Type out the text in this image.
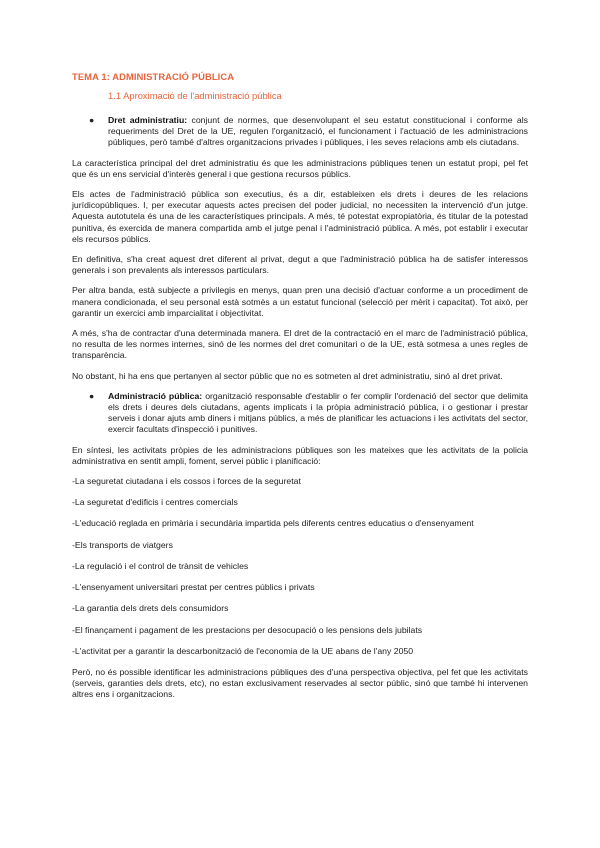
TEMA 1: ADMINISTRACIÓ PÚBLICA
1.1 Aproximació de l'administració pública
● Dret administratiu: conjunt de normes, que desenvolupant el seu estatut constitucional i conforme als requeriments del Dret de la UE, regulen l'organització, el funcionament i l'actuació de les administracions públiques, però també d'altres organitzacions privades i públiques, i les seves relacions amb els ciutadans.

La característica principal del dret administratiu és que les administracions públiques tenen un estatut propi, pel fet que és un ens servicial d'interès general i que gestiona recursos públics.

Els actes de l'administració pública son executius, és a dir, estableixen els drets i deures de les relacions jurídicopúbliques. I, per executar aquests actes precisen del poder judicial, no necessiten la intervenció d'un jutge. Aquesta autotutela és una de les característiques principals. A més, té potestat expropiatòria, és titular de la potestad punitiva, és exercida de manera compartida amb el jutge penal i l'administració pública. A més, pot establir i executar els recursos públics.

En definitiva, s'ha creat aquest dret diferent al privat, degut a que l'administració pública ha de satisfer interessos generals i son prevalents als interessos particulars.

Per altra banda, està subjecte a privilegis en menys, quan pren una decisió d'actuar conforme a un procediment de manera condicionada, el seu personal està sotmès a un estatut funcional (selecció per mèrit i capacitat). Tot això, per garantir un exercici amb imparcialitat i objectivitat.

A més, s'ha de contractar d'una determinada manera. El dret de la contractació en el marc de l'administració pública, no resulta de les normes internes, sinó de les normes del dret comunitari o de la UE, està sotmesa a unes regles de transparència.

No obstant, hi ha ens que pertanyen al sector públic que no es sotmeten al dret administratiu, sinó al dret privat.

● Administració pública: organització responsable d'establir o fer complir l'ordenació del sector que delimita els drets i deures dels ciutadans, agents implicats i la pròpia administració pública, i o gestionar i prestar serveis i donar ajuts amb diners i mitjans públics, a més de planificar les actuacions i les activitats del sector, exercir facultats d'inspecció i punitives.

En síntesi, les activitats pròpies de les administracions públiques son les mateixes que les activitats de la policia administrativa en sentit ampli, foment, servei públic i planificació:

-La seguretat ciutadana i els cossos i forces de la seguretat

-La seguretat d'edificis i centres comercials

-L'educació reglada en primària i secundària impartida pels diferents centres educatius o d'ensenyament

-Els transports de viatgers

-La regulació i el control de trànsit de vehicles

-L'ensenyament universitari prestat per centres públics i privats

-La garantia dels drets dels consumidors

-El finançament i pagament de les prestacions per desocupació o les pensions dels jubilats

-L'activitat per a garantir la descarbonització de l'economia de la UE abans de l'any 2050

Però, no és possible identificar les administracions públiques des d'una perspectiva objectiva, pel fet que les activitats (serveis, garanties dels drets, etc), no estan exclusivament reservades al sector públic, sinó que també hi intervenen altres ens i organitzacions.
